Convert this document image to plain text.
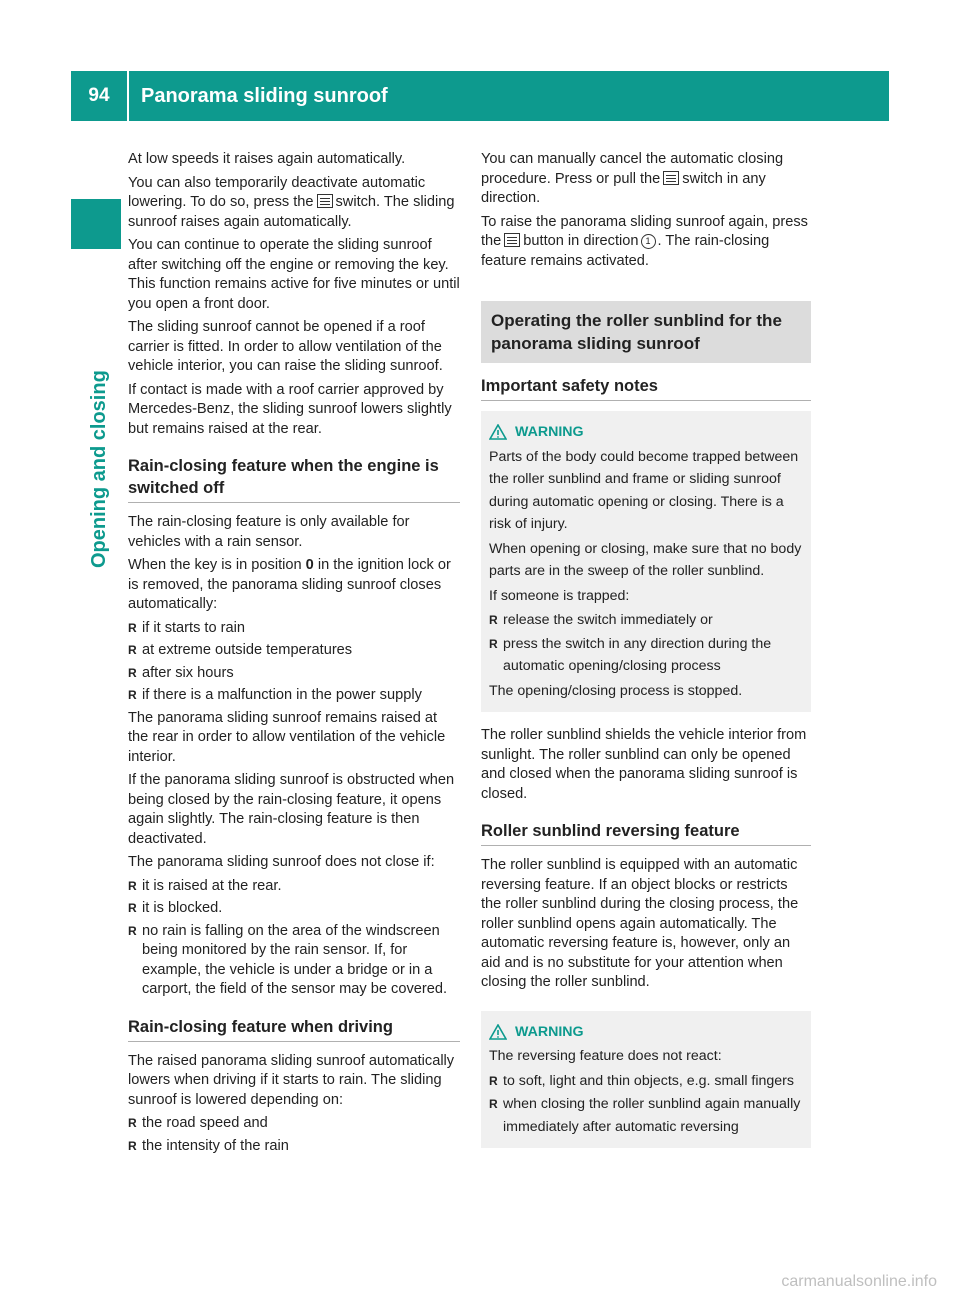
94	Panorama sliding sunroof
Opening and closing

At low speeds it raises again automatically.

You can also temporarily deactivate automatic lowering. To do so, press the switch. The sliding sunroof raises again automatically.

You can continue to operate the sliding sunroof after switching off the engine or removing the key. This function remains active for five minutes or until you open a front door.

The sliding sunroof cannot be opened if a roof carrier is fitted. In order to allow ventilation of the vehicle interior, you can raise the sliding sunroof.

If contact is made with a roof carrier approved by Mercedes-Benz, the sliding sunroof lowers slightly but remains raised at the rear.

Rain-closing feature when the engine is switched off

The rain-closing feature is only available for vehicles with a rain sensor.

When the key is in position 0 in the ignition lock or is removed, the panorama sliding sunroof closes automatically:

R if it starts to rain
R at extreme outside temperatures
R after six hours
R if there is a malfunction in the power supply

The panorama sliding sunroof remains raised at the rear in order to allow ventilation of the vehicle interior.

If the panorama sliding sunroof is obstructed when being closed by the rain-closing feature, it opens again slightly. The rain-closing feature is then deactivated.

The panorama sliding sunroof does not close if:

R it is raised at the rear.
R it is blocked.
R no rain is falling on the area of the windscreen being monitored by the rain sensor. If, for example, the vehicle is under a bridge or in a carport, the field of the sensor may be covered.
Rain-closing feature when driving

The raised panorama sliding sunroof automatically lowers when driving if it starts to rain. The sliding sunroof is lowered depending on:

R the road speed and
R the intensity of the rain

You can manually cancel the automatic closing procedure. Press or pull the switch in any direction.

To raise the panorama sliding sunroof again, press the button in direction 1 . The rain-closing feature remains activated.

Operating the roller sunblind for the panorama sliding sunroof
Important safety notes
WARNING

Parts of the body could become trapped between the roller sunblind and frame or sliding sunroof during automatic opening or closing. There is a risk of injury.

When opening or closing, make sure that no body parts are in the sweep of the roller sunblind.

If someone is trapped:

R release the switch immediately or
R press the switch in any direction during the automatic opening/closing process

The opening/closing process is stopped.

The roller sunblind shields the vehicle interior from sunlight. The roller sunblind can only be opened and closed when the panorama sliding sunroof is closed.

Roller sunblind reversing feature

The roller sunblind is equipped with an automatic reversing feature. If an object blocks or restricts the roller sunblind during the closing process, the roller sunblind opens again automatically. The automatic reversing feature is, however, only an aid and is no substitute for your attention when closing the roller sunblind.

WARNING

The reversing feature does not react:

R to soft, light and thin objects, e.g. small fingers
R when closing the roller sunblind again manually immediately after automatic reversing
carmanualsonline.info
